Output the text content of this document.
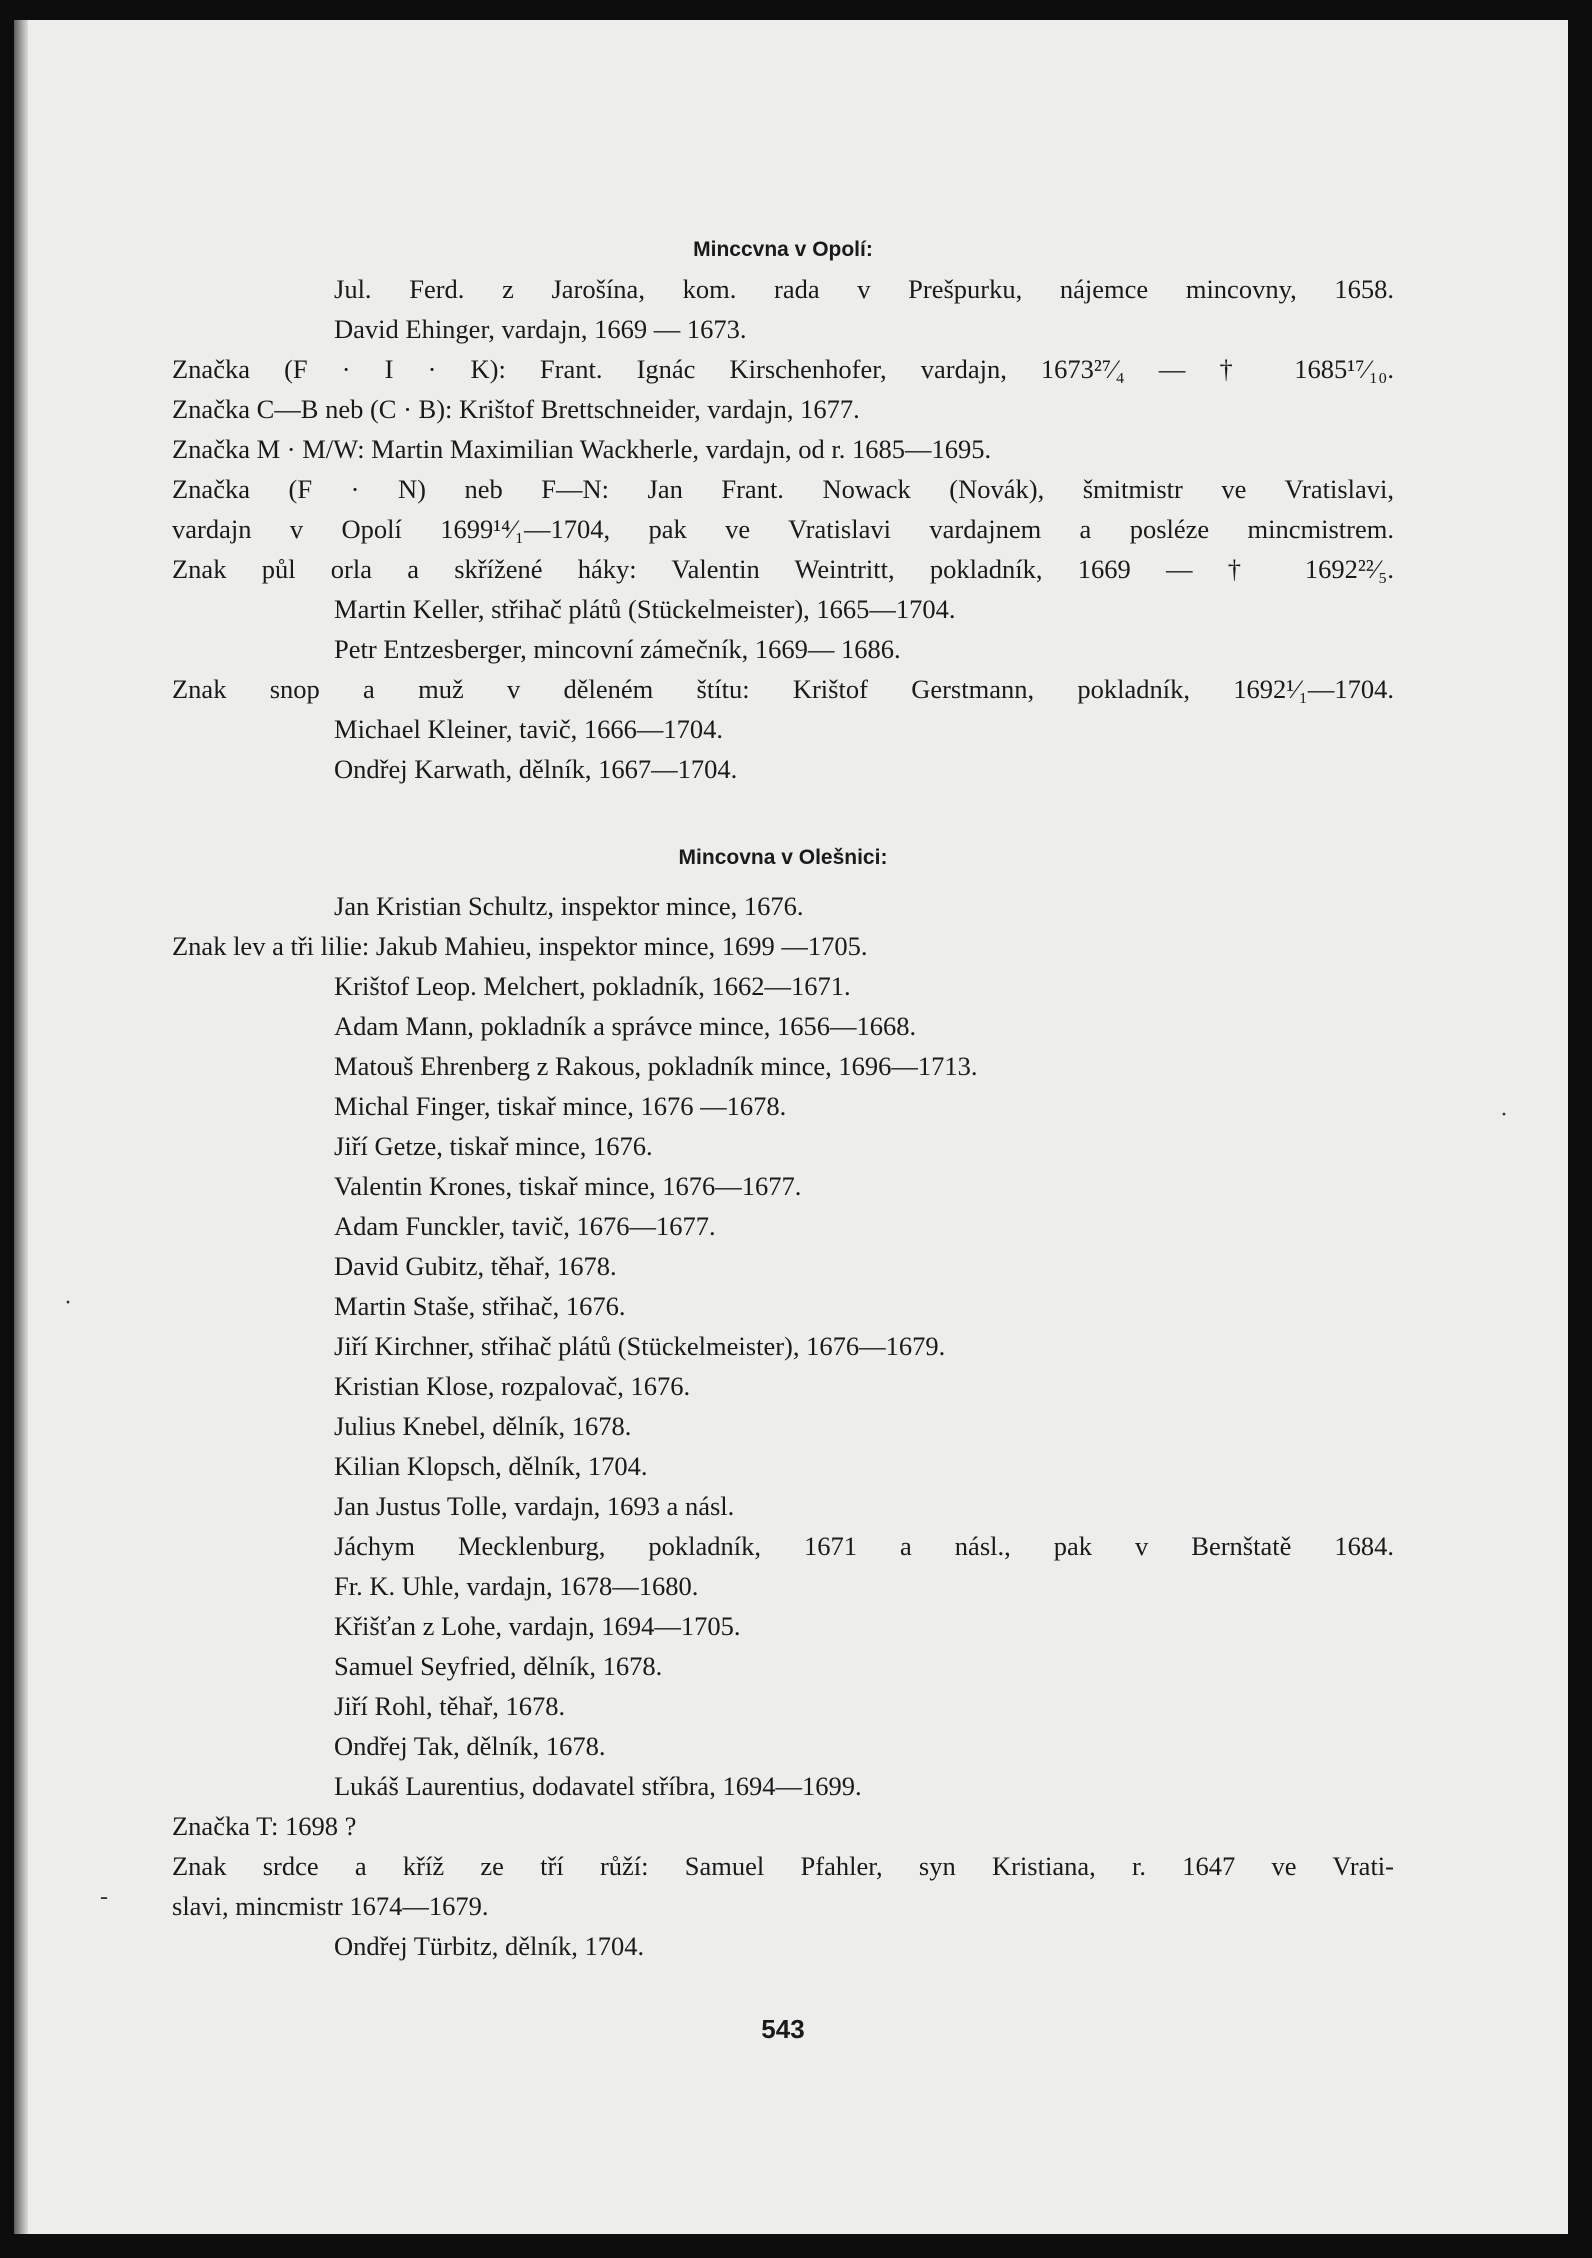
Minccvna v Opolí:
Jul. Ferd. z Jarošína, kom. rada v Prešpurku, nájemce mincovny, 1658.
David Ehinger, vardajn, 1669 — 1673.
Značka (F · I · K): Frant. Ignác Kirschenhofer, vardajn, 1673²⁷⁄₄ — † 1685¹⁷⁄₁₀.
Značka C—B neb (C · B): Krištof Brettschneider, vardajn, 1677.
Značka M · M/W: Martin Maximilian Wackherle, vardajn, od r. 1685—1695.
Značka (F · N) neb F—N: Jan Frant. Nowack (Novák), šmitmistr ve Vratislavi,
vardajn v Opolí 1699¹⁴⁄₁—1704, pak ve Vratislavi vardajnem a posléze mincmistrem.
Znak půl orla a skřížené háky: Valentin Weintritt, pokladník, 1669 — † 1692²²⁄₅.
Martin Keller, střihač plátů (Stückelmeister), 1665—1704.
Petr Entzesberger, mincovní zámečník, 1669— 1686.
Znak snop a muž v děleném štítu: Krištof Gerstmann, pokladník, 1692¹⁄₁—1704.
Michael Kleiner, tavič, 1666—1704.
Ondřej Karwath, dělník, 1667—1704.
Mincovna v Olešnici:
Jan Kristian Schultz, inspektor mince, 1676.
Znak lev a tři lilie: Jakub Mahieu, inspektor mince, 1699 —1705.
Krištof Leop. Melchert, pokladník, 1662—1671.
Adam Mann, pokladník a správce mince, 1656—1668.
Matouš Ehrenberg z Rakous, pokladník mince, 1696—1713.
Michal Finger, tiskař mince, 1676 —1678.
Jiří Getze, tiskař mince, 1676.
Valentin Krones, tiskař mince, 1676—1677.
Adam Funckler, tavič, 1676—1677.
David Gubitz, těhař, 1678.
Martin Staše, střihač, 1676.
Jiří Kirchner, střihač plátů (Stückelmeister), 1676—1679.
Kristian Klose, rozpalovač, 1676.
Julius Knebel, dělník, 1678.
Kilian Klopsch, dělník, 1704.
Jan Justus Tolle, vardajn, 1693 a násl.
Jáchym Mecklenburg, pokladník, 1671 a násl., pak v Bernštatě 1684.
Fr. K. Uhle, vardajn, 1678—1680.
Křišťan z Lohe, vardajn, 1694—1705.
Samuel Seyfried, dělník, 1678.
Jiří Rohl, těhař, 1678.
Ondřej Tak, dělník, 1678.
Lukáš Laurentius, dodavatel stříbra, 1694—1699.
Značka T: 1698 ?
Znak srdce a kříž ze tří růží: Samuel Pfahler, syn Kristiana, r. 1647 ve Vrati-
slavi, mincmistr 1674—1679.
Ondřej Türbitz, dělník, 1704.
543
·
·
-
